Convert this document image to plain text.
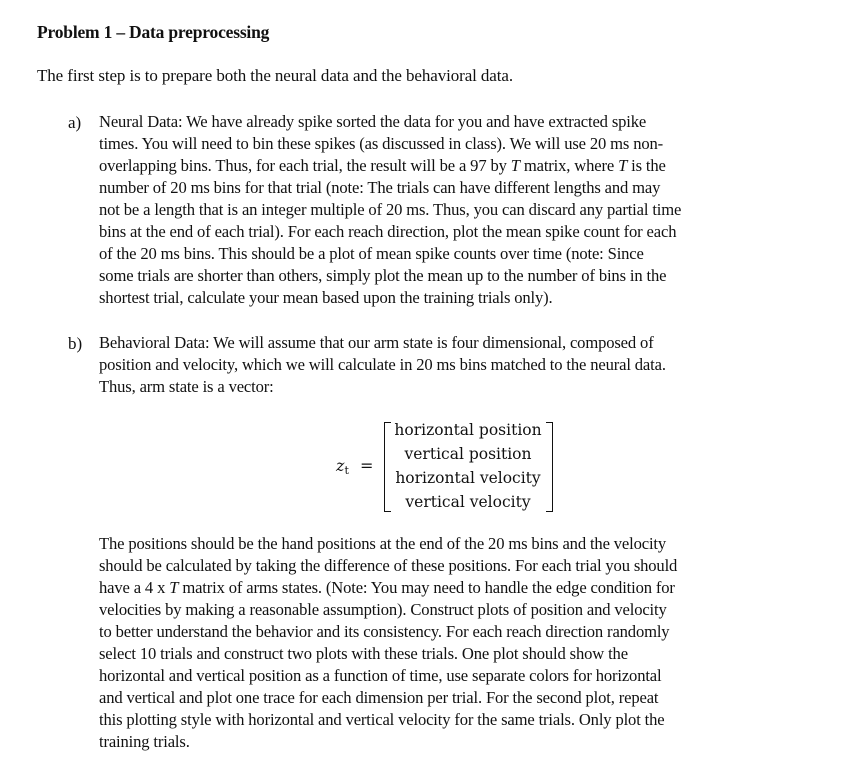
Problem 1 – Data preprocessing
The first step is to prepare both the neural data and the behavioral data.
a) Neural Data: We have already spike sorted the data for you and have extracted spike
times. You will need to bin these spikes (as discussed in class). We will use 20 ms non-
overlapping bins. Thus, for each trial, the result will be a 97 by T matrix, where T is the
number of 20 ms bins for that trial (note: The trials can have different lengths and may
not be a length that is an integer multiple of 20 ms. Thus, you can discard any partial time
bins at the end of each trial). For each reach direction, plot the mean spike count for each
of the 20 ms bins. This should be a plot of mean spike counts over time (note: Since
some trials are shorter than others, simply plot the mean up to the number of bins in the
shortest trial, calculate your mean based upon the training trials only).
b) Behavioral Data: We will assume that our arm state is four dimensional, composed of
position and velocity, which we will calculate in 20 ms bins matched to the neural data.
Thus, arm state is a vector:
zt =
horizontal position
vertical position
horizontal velocity
vertical velocity
The positions should be the hand positions at the end of the 20 ms bins and the velocity
should be calculated by taking the difference of these positions. For each trial you should
have a 4 x T matrix of arms states. (Note: You may need to handle the edge condition for
velocities by making a reasonable assumption). Construct plots of position and velocity
to better understand the behavior and its consistency. For each reach direction randomly
select 10 trials and construct two plots with these trials. One plot should show the
horizontal and vertical position as a function of time, use separate colors for horizontal
and vertical and plot one trace for each dimension per trial. For the second plot, repeat
this plotting style with horizontal and vertical velocity for the same trials. Only plot the
training trials.
